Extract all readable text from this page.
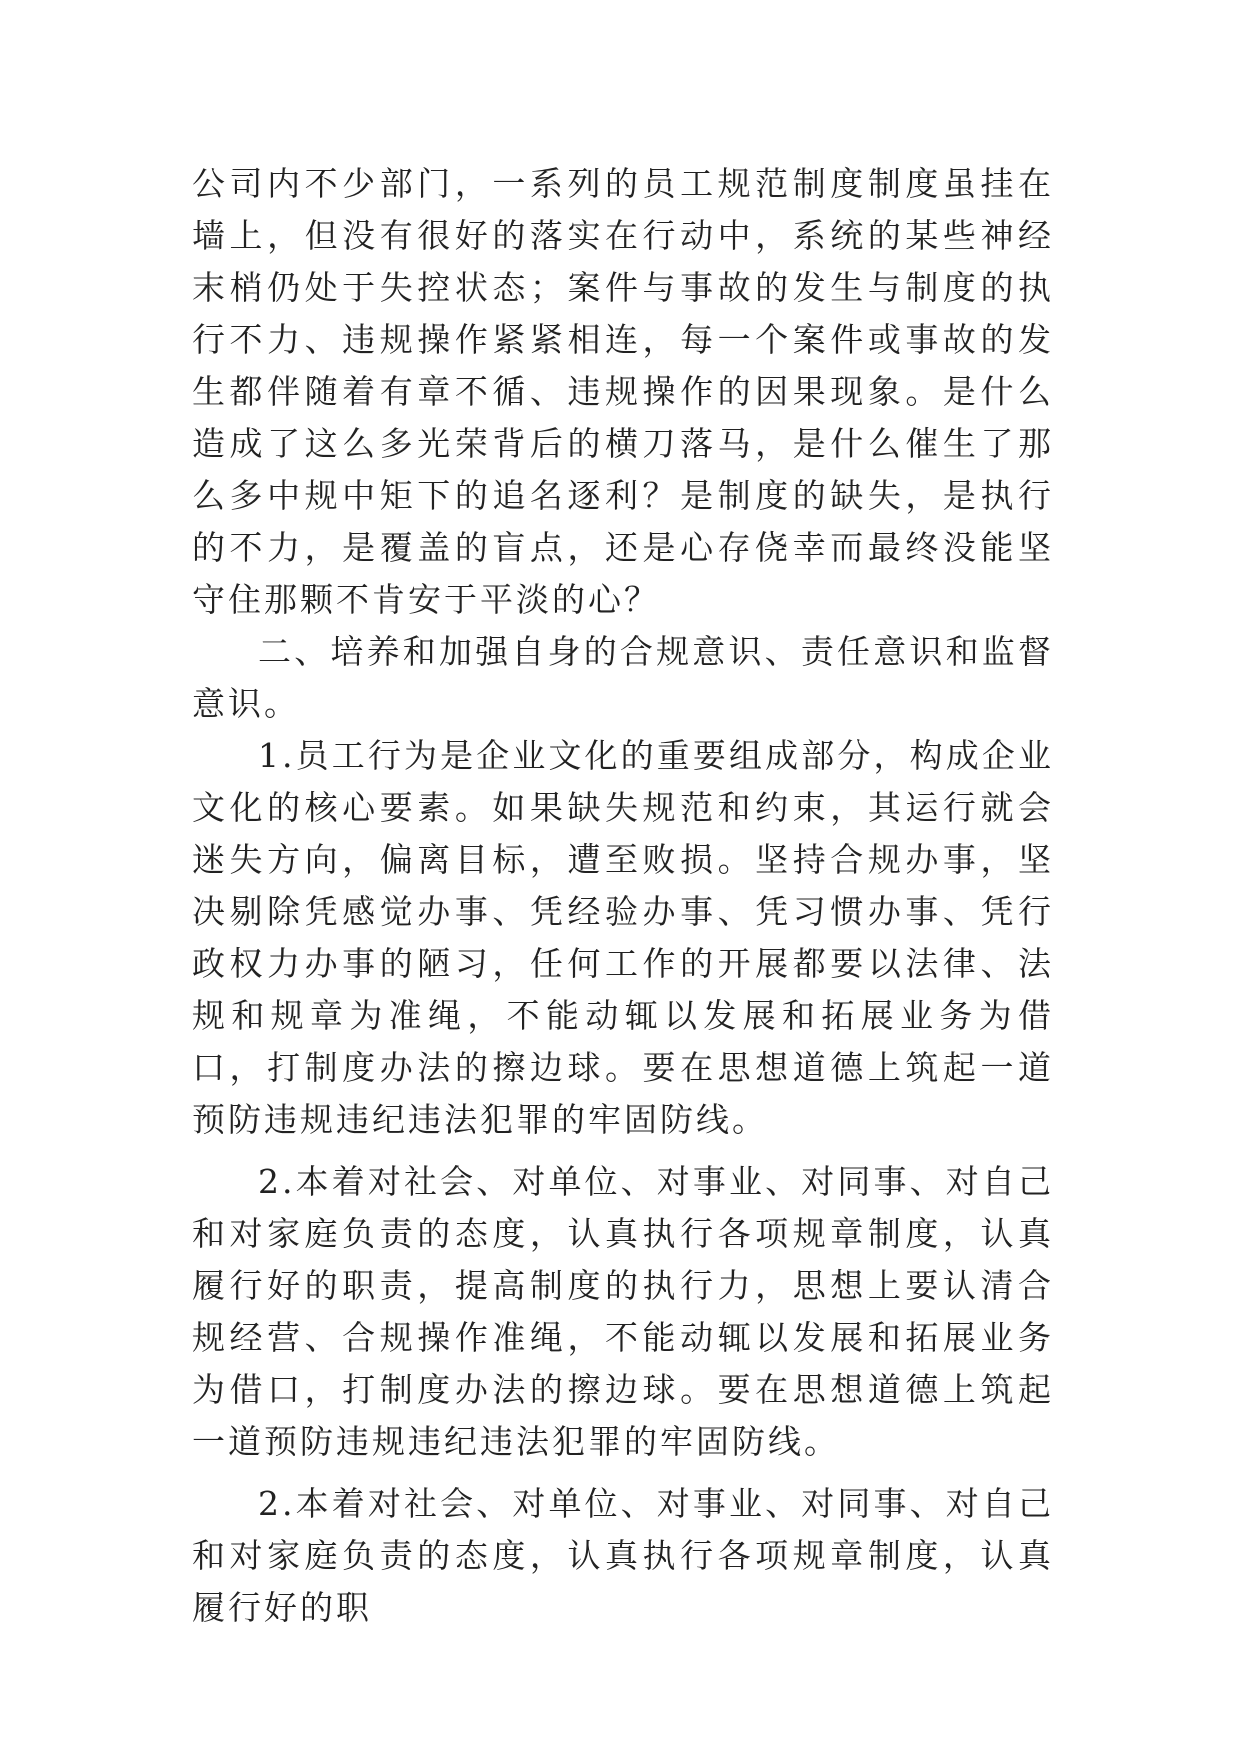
公司内不少部门，一系列的员工规范制度制度虽挂在墙上，但没有很好的落实在行动中，系统的某些神经末梢仍处于失控状态；案件与事故的发生与制度的执行不力、违规操作紧紧相连，每一个案件或事故的发生都伴随着有章不循、违规操作的因果现象。是什么造成了这么多光荣背后的横刀落马，是什么催生了那么多中规中矩下的追名逐利？是制度的缺失，是执行的不力，是覆盖的盲点，还是心存侥幸而最终没能坚守住那颗不肯安于平淡的心？

二、培养和加强自身的合规意识、责任意识和监督意识。

1.员工行为是企业文化的重要组成部分，构成企业文化的核心要素。如果缺失规范和约束，其运行就会迷失方向，偏离目标，遭至败损。坚持合规办事，坚决剔除凭感觉办事、凭经验办事、凭习惯办事、凭行政权力办事的陋习，任何工作的开展都要以法律、法规和规章为准绳，不能动辄以发展和拓展业务为借口，打制度办法的擦边球。要在思想道德上筑起一道预防违规违纪违法犯罪的牢固防线。

2.本着对社会、对单位、对事业、对同事、对自己和对家庭负责的态度，认真执行各项规章制度，认真履行好的职责，提高制度的执行力，思想上要认清合规经营、合规操作准绳，不能动辄以发展和拓展业务为借口，打制度办法的擦边球。要在思想道德上筑起一道预防违规违纪违法犯罪的牢固防线。

2.本着对社会、对单位、对事业、对同事、对自己和对家庭负责的态度，认真执行各项规章制度，认真履行好的职
